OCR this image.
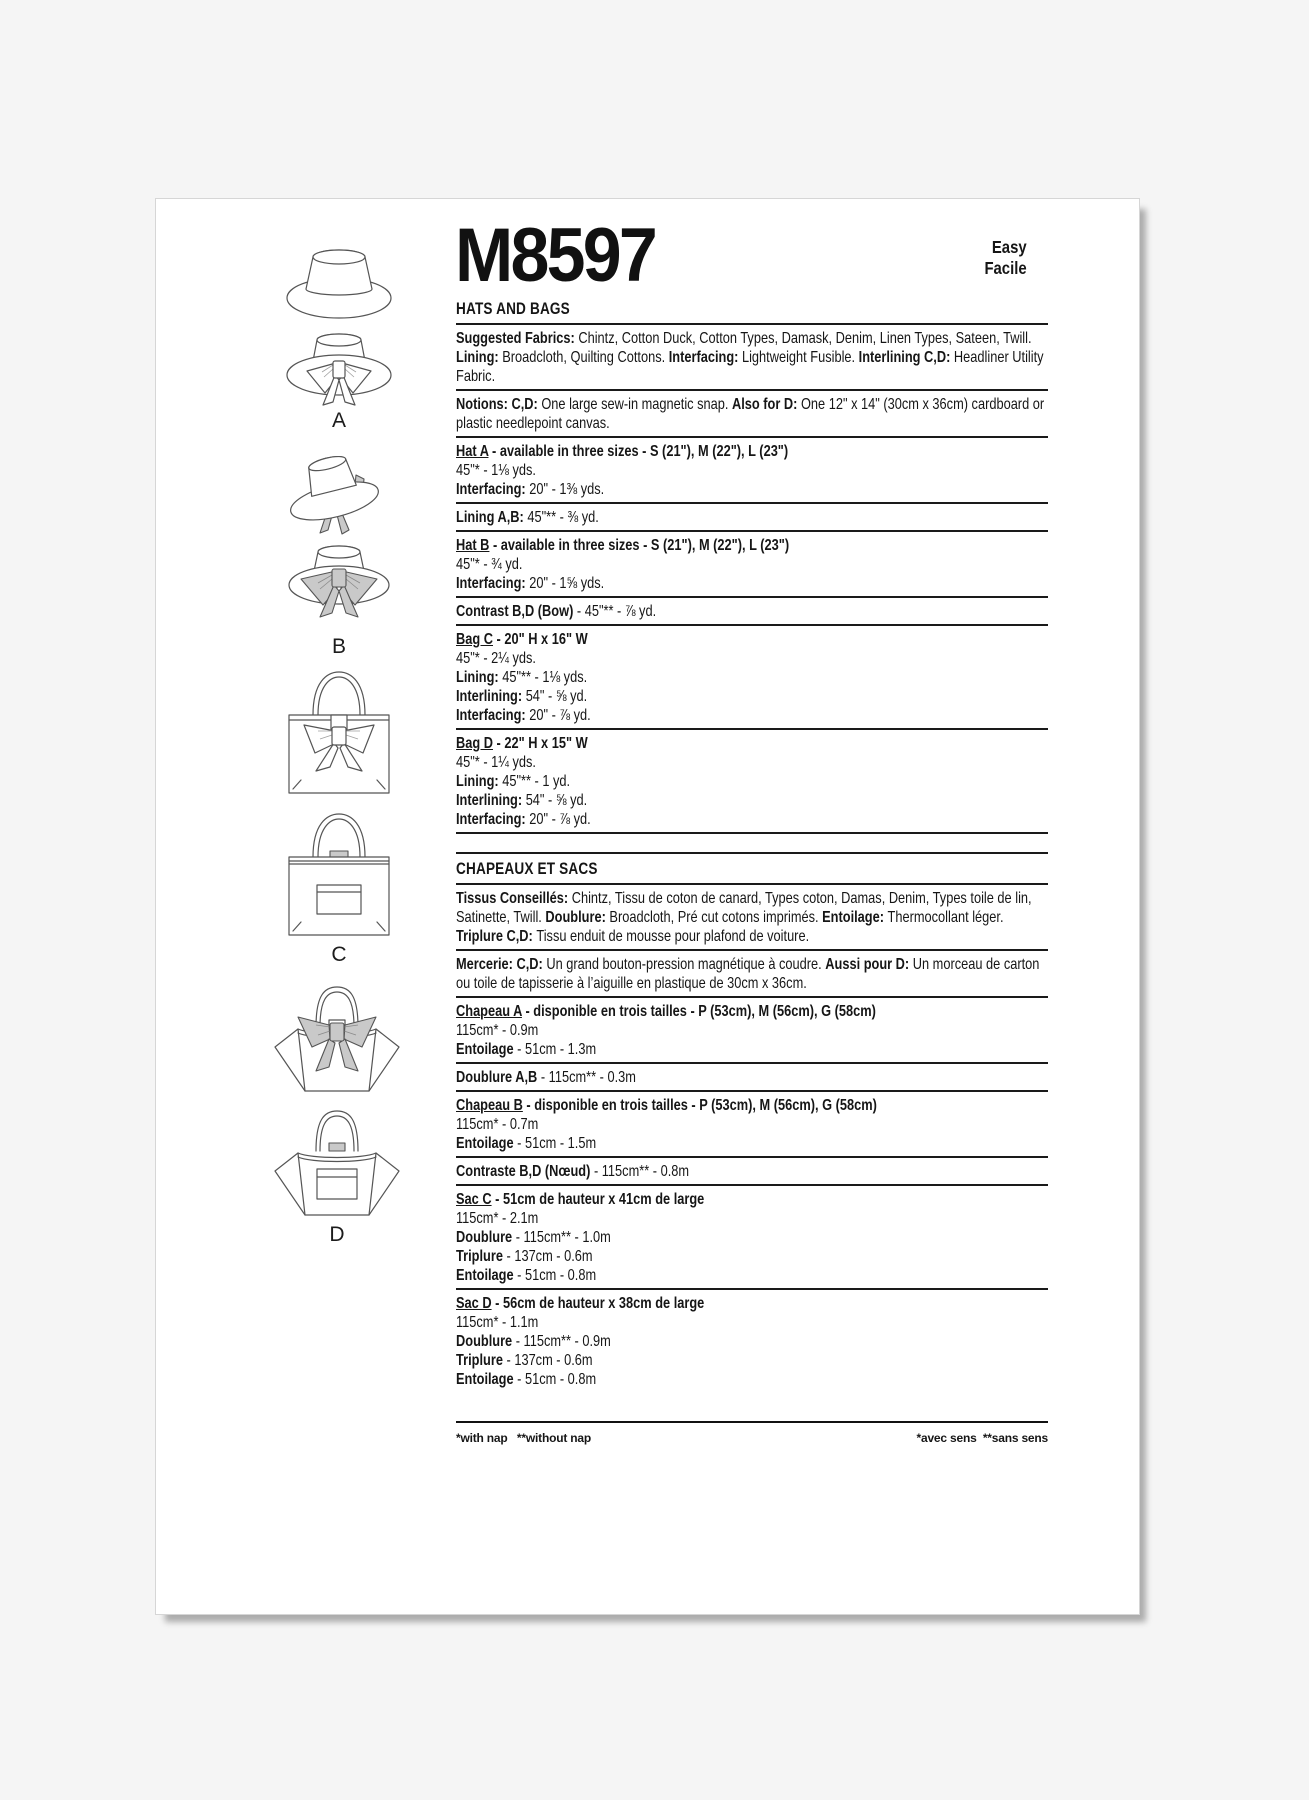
A
B
C
D
M8597	Easy
Facile
HATS AND BAGS
Suggested Fabrics: Chintz, Cotton Duck, Cotton Types, Damask, Denim, Linen Types, Sateen, Twill. Lining: Broadcloth, Quilting Cottons. Interfacing: Lightweight Fusible. Interlining C,D: Headliner Utility Fabric.
Notions: C,D: One large sew-in magnetic snap. Also for D: One 12" x 14" (30cm x 36cm) cardboard or plastic needlepoint canvas.
Hat A - available in three sizes - S (21"), M (22"), L (23")
45"* - 1⅛ yds.
Interfacing: 20" - 1⅜ yds.
Lining A,B: 45"** - ⅜ yd.
Hat B - available in three sizes - S (21"), M (22"), L (23")
45"* - ¾ yd.
Interfacing: 20" - 1⅝ yds.
Contrast B,D (Bow) - 45"** - ⅞ yd.
Bag C - 20" H x 16" W
45"* - 2¼ yds.
Lining: 45"** - 1⅛ yds.
Interlining: 54" - ⅝ yd.
Interfacing: 20" - ⅞ yd.
Bag D - 22" H x 15" W
45"* - 1¼ yds.
Lining: 45"** - 1 yd.
Interlining: 54" - ⅝ yd.
Interfacing: 20" - ⅞ yd.
CHAPEAUX ET SACS
Tissus Conseillés: Chintz, Tissu de coton de canard, Types coton, Damas, Denim, Types toile de lin, Satinette, Twill. Doublure: Broadcloth, Pré cut cotons imprimés. Entoilage: Thermocollant léger. Triplure C,D: Tissu enduit de mousse pour plafond de voiture.
Mercerie: C,D: Un grand bouton-pression magnétique à coudre. Aussi pour D: Un morceau de carton ou toile de tapisserie à l’aiguille en plastique de 30cm x 36cm.
Chapeau A - disponible en trois tailles - P (53cm), M (56cm), G (58cm)
115cm* - 0.9m
Entoilage - 51cm - 1.3m
Doublure A,B - 115cm** - 0.3m
Chapeau B - disponible en trois tailles - P (53cm), M (56cm), G (58cm)
115cm* - 0.7m
Entoilage - 51cm - 1.5m
Contraste B,D (Nœud) - 115cm** - 0.8m
Sac C - 51cm de hauteur x 41cm de large
115cm* - 2.1m
Doublure - 115cm** - 1.0m
Triplure - 137cm - 0.6m
Entoilage - 51cm - 0.8m
Sac D - 56cm de hauteur x 38cm de large
115cm* - 1.1m
Doublure - 115cm** - 0.9m
Triplure - 137cm - 0.6m
Entoilage - 51cm - 0.8m
*with nap   **without nap	*avec sens  **sans sens
